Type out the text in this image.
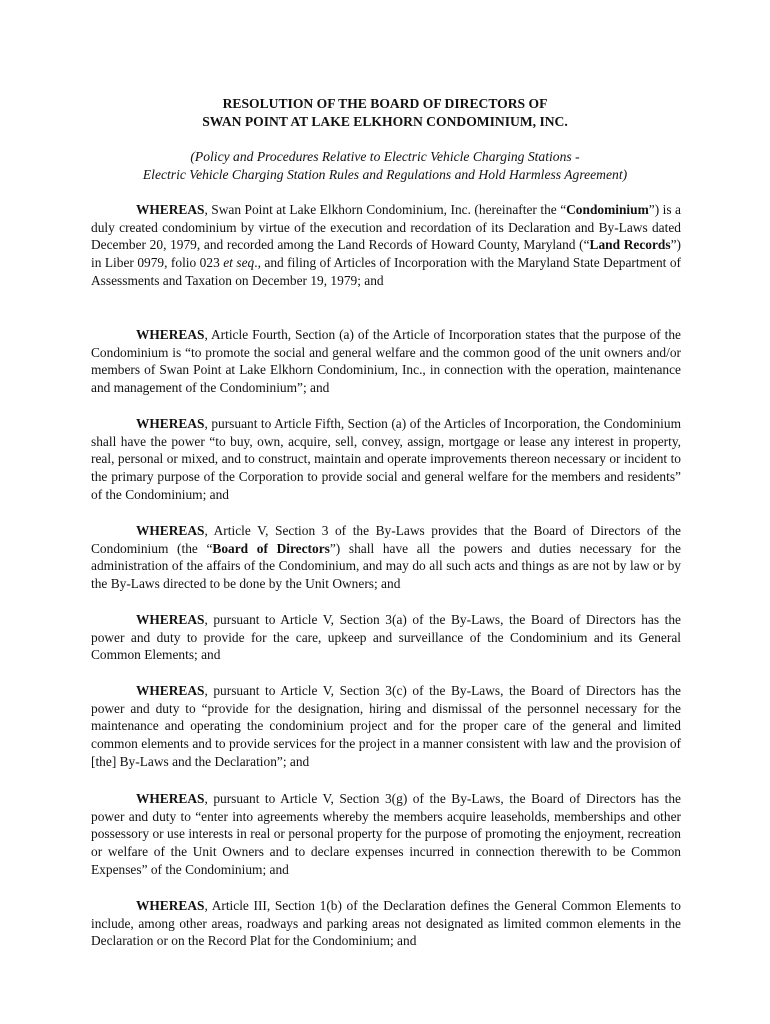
RESOLUTION OF THE BOARD OF DIRECTORS OF
SWAN POINT AT LAKE ELKHORN CONDOMINIUM, INC.
(Policy and Procedures Relative to Electric Vehicle Charging Stations -
Electric Vehicle Charging Station Rules and Regulations and Hold Harmless Agreement)

WHEREAS, Swan Point at Lake Elkhorn Condominium, Inc. (hereinafter the “Condominium”) is a duly created condominium by virtue of the execution and recordation of its Declaration and By-Laws dated December 20, 1979, and recorded among the Land Records of Howard County, Maryland (“Land Records”) in Liber 0979, folio 023 et seq., and filing of Articles of Incorporation with the Maryland State Department of Assessments and Taxation on December 19, 1979; and

WHEREAS, Article Fourth, Section (a) of the Article of Incorporation states that the purpose of the Condominium is “to promote the social and general welfare and the common good of the unit owners and/or members of Swan Point at Lake Elkhorn Condominium, Inc., in connection with the operation, maintenance and management of the Condominium”; and

WHEREAS, pursuant to Article Fifth, Section (a) of the Articles of Incorporation, the Condominium shall have the power “to buy, own, acquire, sell, convey, assign, mortgage or lease any interest in property, real, personal or mixed, and to construct, maintain and operate improvements thereon necessary or incident to the primary purpose of the Corporation to provide social and general welfare for the members and residents” of the Condominium; and

WHEREAS, Article V, Section 3 of the By-Laws provides that the Board of Directors of the Condominium (the “Board of Directors”) shall have all the powers and duties necessary for the administration of the affairs of the Condominium, and may do all such acts and things as are not by law or by the By-Laws directed to be done by the Unit Owners; and

WHEREAS, pursuant to Article V, Section 3(a) of the By-Laws, the Board of Directors has the power and duty to provide for the care, upkeep and surveillance of the Condominium and its General Common Elements; and

WHEREAS, pursuant to Article V, Section 3(c) of the By-Laws, the Board of Directors has the power and duty to “provide for the designation, hiring and dismissal of the personnel necessary for the maintenance and operating the condominium project and for the proper care of the general and limited common elements and to provide services for the project in a manner consistent with law and the provision of [the] By-Laws and the Declaration”; and

WHEREAS, pursuant to Article V, Section 3(g) of the By-Laws, the Board of Directors has the power and duty to “enter into agreements whereby the members acquire leaseholds, memberships and other possessory or use interests in real or personal property for the purpose of promoting the enjoyment, recreation or welfare of the Unit Owners and to declare expenses incurred in connection therewith to be Common Expenses” of the Condominium; and

WHEREAS, Article III, Section 1(b) of the Declaration defines the General Common Elements to include, among other areas, roadways and parking areas not designated as limited common elements in the Declaration or on the Record Plat for the Condominium; and
